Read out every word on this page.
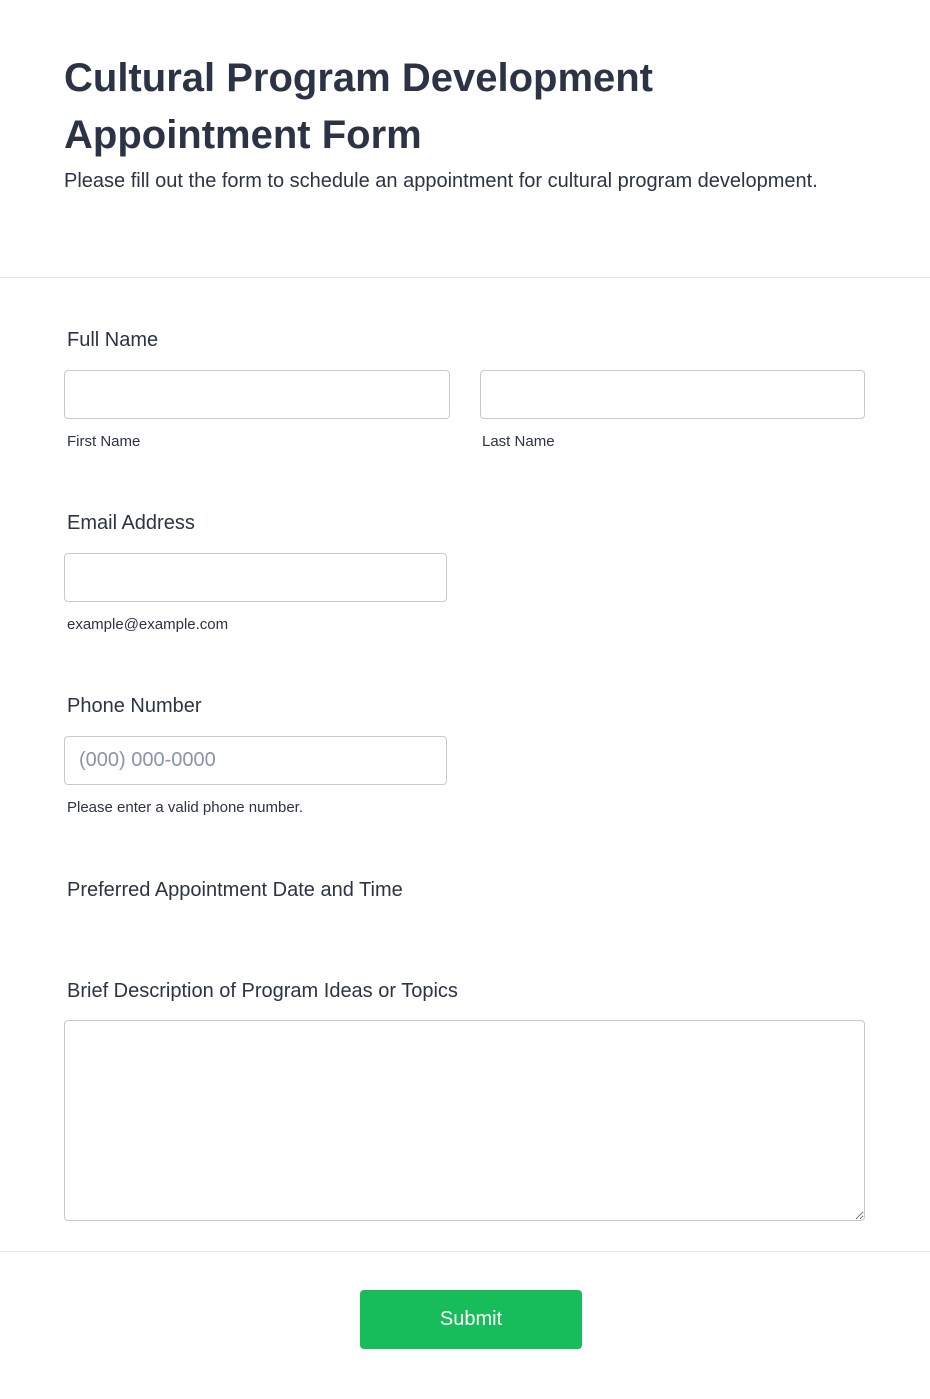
Cultural Program Development Appointment Form

Please fill out the form to schedule an appointment for cultural program development.

Full Name
First Name	Last Name
Email Address
example@example.com
Phone Number
(000) 000-0000
Please enter a valid phone number.
Preferred Appointment Date and Time
Brief Description of Program Ideas or Topics
Submit
